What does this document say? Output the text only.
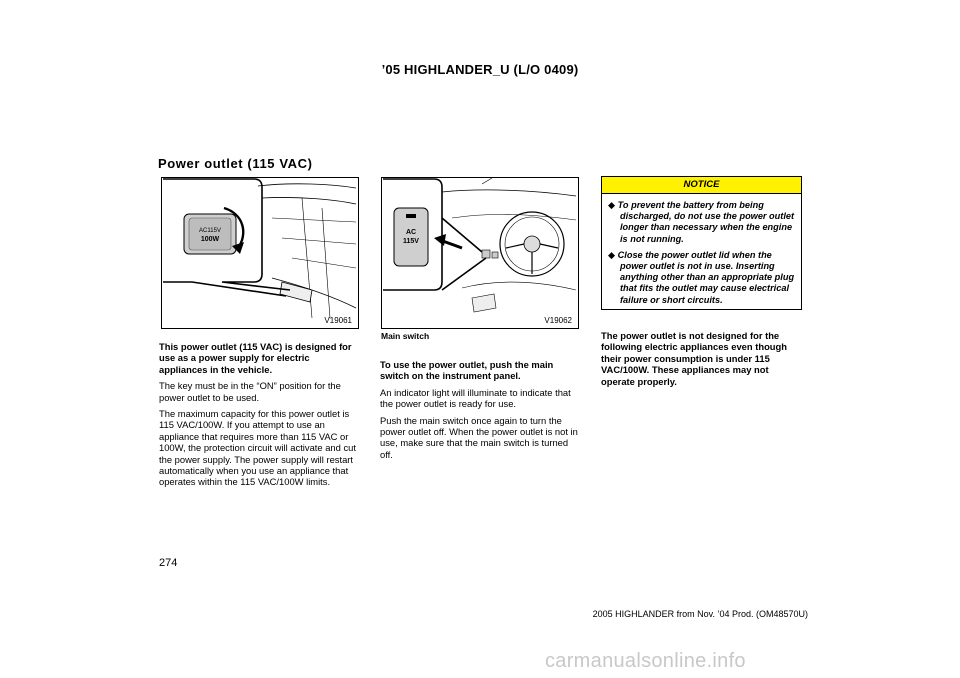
’05 HIGHLANDER_U (L/O 0409)
Power outlet (115 VAC)
AC115V
100W
V19061
AC
115V
V19062
Main switch

This power outlet (115 VAC) is designed for use as a power supply for electric appliances in the vehicle.

The key must be in the “ON” position for the power outlet to be used.

The maximum capacity for this power outlet is 115 VAC/100W. If you attempt to use an appliance that requires more than 115 VAC or 100W, the protection circuit will activate and cut the power supply. The power supply will restart automatically when you use an appliance that operates within the 115 VAC/100W limits.

To use the power outlet, push the main switch on the instrument panel.

An indicator light will illuminate to indicate that the power outlet is ready for use.

Push the main switch once again to turn the power outlet off. When the power outlet is not in use, make sure that the main switch is turned off.

NOTICE
◆ To prevent the battery from being discharged, do not use the power outlet longer than necessary when the engine is not running.
◆ Close the power outlet lid when the power outlet is not in use. Inserting anything other than an appropriate plug that fits the outlet may cause electrical failure or short circuits.

The power outlet is not designed for the following electric appliances even though their power consumption is under 115 VAC/100W. These appliances may not operate properly.

274
2005 HIGHLANDER from Nov. ’04 Prod. (OM48570U)
carmanualsonline.info
